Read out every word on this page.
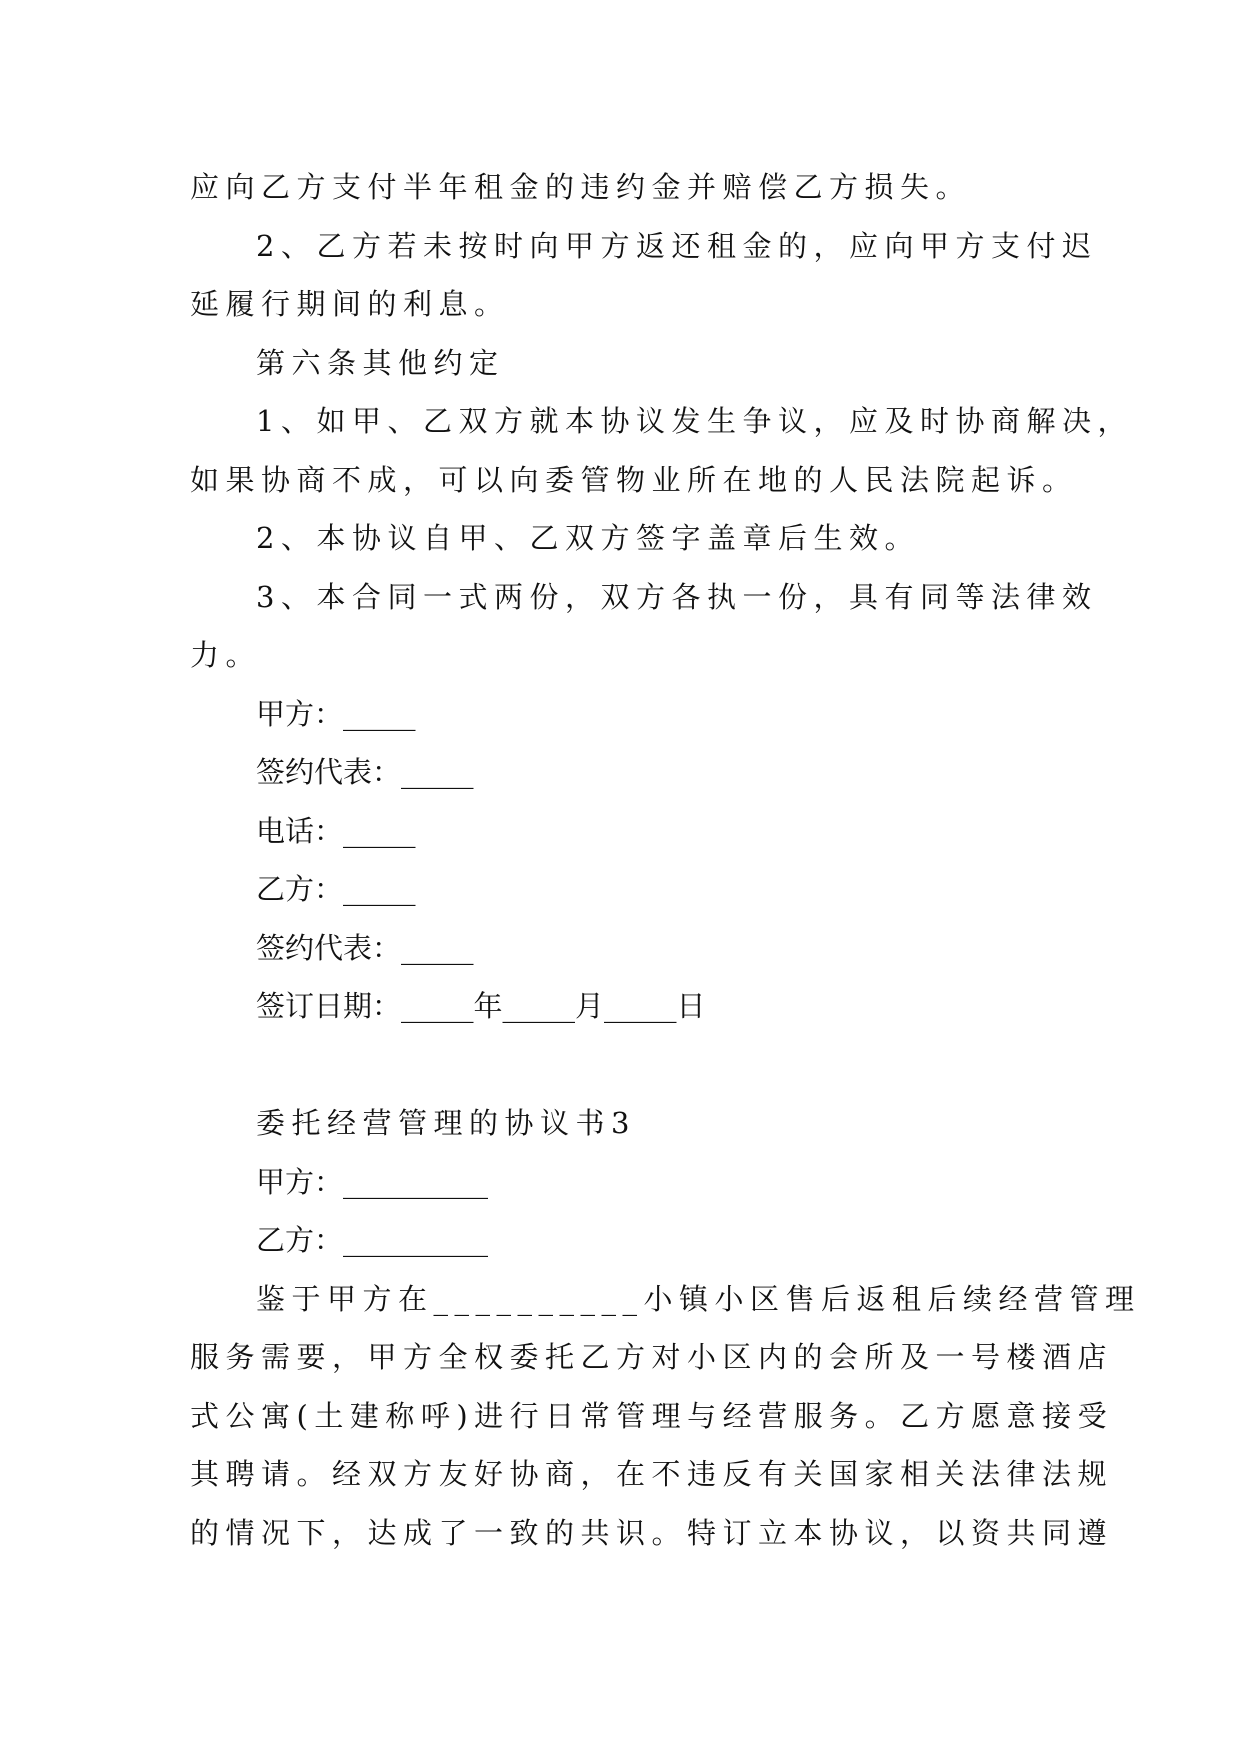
应向乙方支付半年租金的违约金并赔偿乙方损失。
2、乙方若未按时向甲方返还租金的，应向甲方支付迟
延履行期间的利息。
第六条其他约定
1、如甲、乙双方就本协议发生争议，应及时协商解决，
如果协商不成，可以向委管物业所在地的人民法院起诉。
2、本协议自甲、乙双方签字盖章后生效。
3、本合同一式两份，双方各执一份，具有同等法律效
力。
甲方：_____
签约代表：_____
电话：_____
乙方：_____
签约代表：_____
签订日期：_____年_____月_____日
委托经营管理的协议书3
甲方：__________
乙方：__________
鉴于甲方在__________小镇小区售后返租后续经营管理
服务需要，甲方全权委托乙方对小区内的会所及一号楼酒店
式公寓(土建称呼)进行日常管理与经营服务。乙方愿意接受
其聘请。经双方友好协商，在不违反有关国家相关法律法规
的情况下，达成了一致的共识。特订立本协议，以资共同遵
